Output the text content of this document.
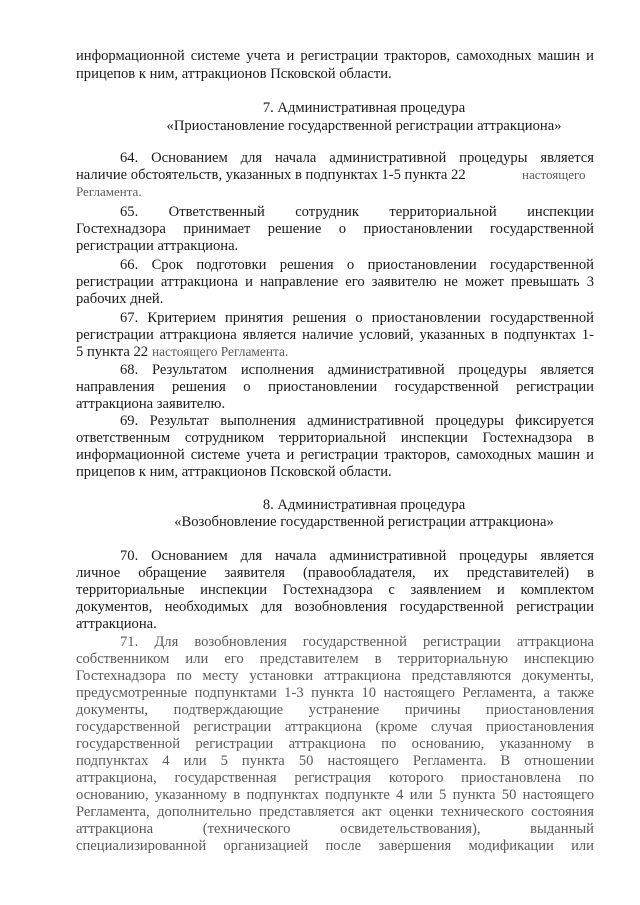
информационной системе учета и регистрации тракторов, самоходных машин и
прицепов к ним, аттракционов Псковской области.
7. Административная процедура
«Приостановление государственной регистрации аттракциона»
64. Основанием для начала административной процедуры является
наличие обстоятельств, указанных в подпунктах 1-5 пункта 22	настоящего
Регламента.
65. Ответственный сотрудник территориальной инспекции
Гостехнадзора принимает решение о приостановлении государственной
регистрации аттракциона.
66. Срок подготовки решения о приостановлении государственной
регистрации аттракциона и направление его заявителю не может превышать 3
рабочих дней.
67. Критерием принятия решения о приостановлении государственной
регистрации аттракциона является наличие условий, указанных в подпунктах 1-
5 пункта 22 настоящего Регламента.
68. Результатом исполнения административной процедуры является
направления решения о приостановлении государственной регистрации
аттракциона заявителю.
69. Результат выполнения административной процедуры фиксируется
ответственным сотрудником территориальной инспекции Гостехнадзора в
информационной системе учета и регистрации тракторов, самоходных машин и
прицепов к ним, аттракционов Псковской области.
8. Административная процедура
«Возобновление государственной регистрации аттракциона»
70. Основанием для начала административной процедуры является
личное обращение заявителя (правообладателя, их представителей) в
территориальные инспекции Гостехнадзора с заявлением и комплектом
документов, необходимых для возобновления государственной регистрации
аттракциона.
71. Для возобновления государственной регистрации аттракциона
собственником или его представителем в территориальную инспекцию
Гостехнадзора по месту установки аттракциона представляются документы,
предусмотренные подпунктами 1-3 пункта 10 настоящего Регламента, а также
документы, подтверждающие устранение причины приостановления
государственной регистрации аттракциона (кроме случая приостановления
государственной регистрации аттракциона по основанию, указанному в
подпунктах 4 или 5 пункта 50 настоящего Регламента. В отношении
аттракциона, государственная регистрация которого приостановлена по
основанию, указанному в подпунктах подпункте 4 или 5 пункта 50 настоящего
Регламента, дополнительно представляется акт оценки технического состояния
аттракциона (технического освидетельствования), выданный
специализированной организацией после завершения модификации или
